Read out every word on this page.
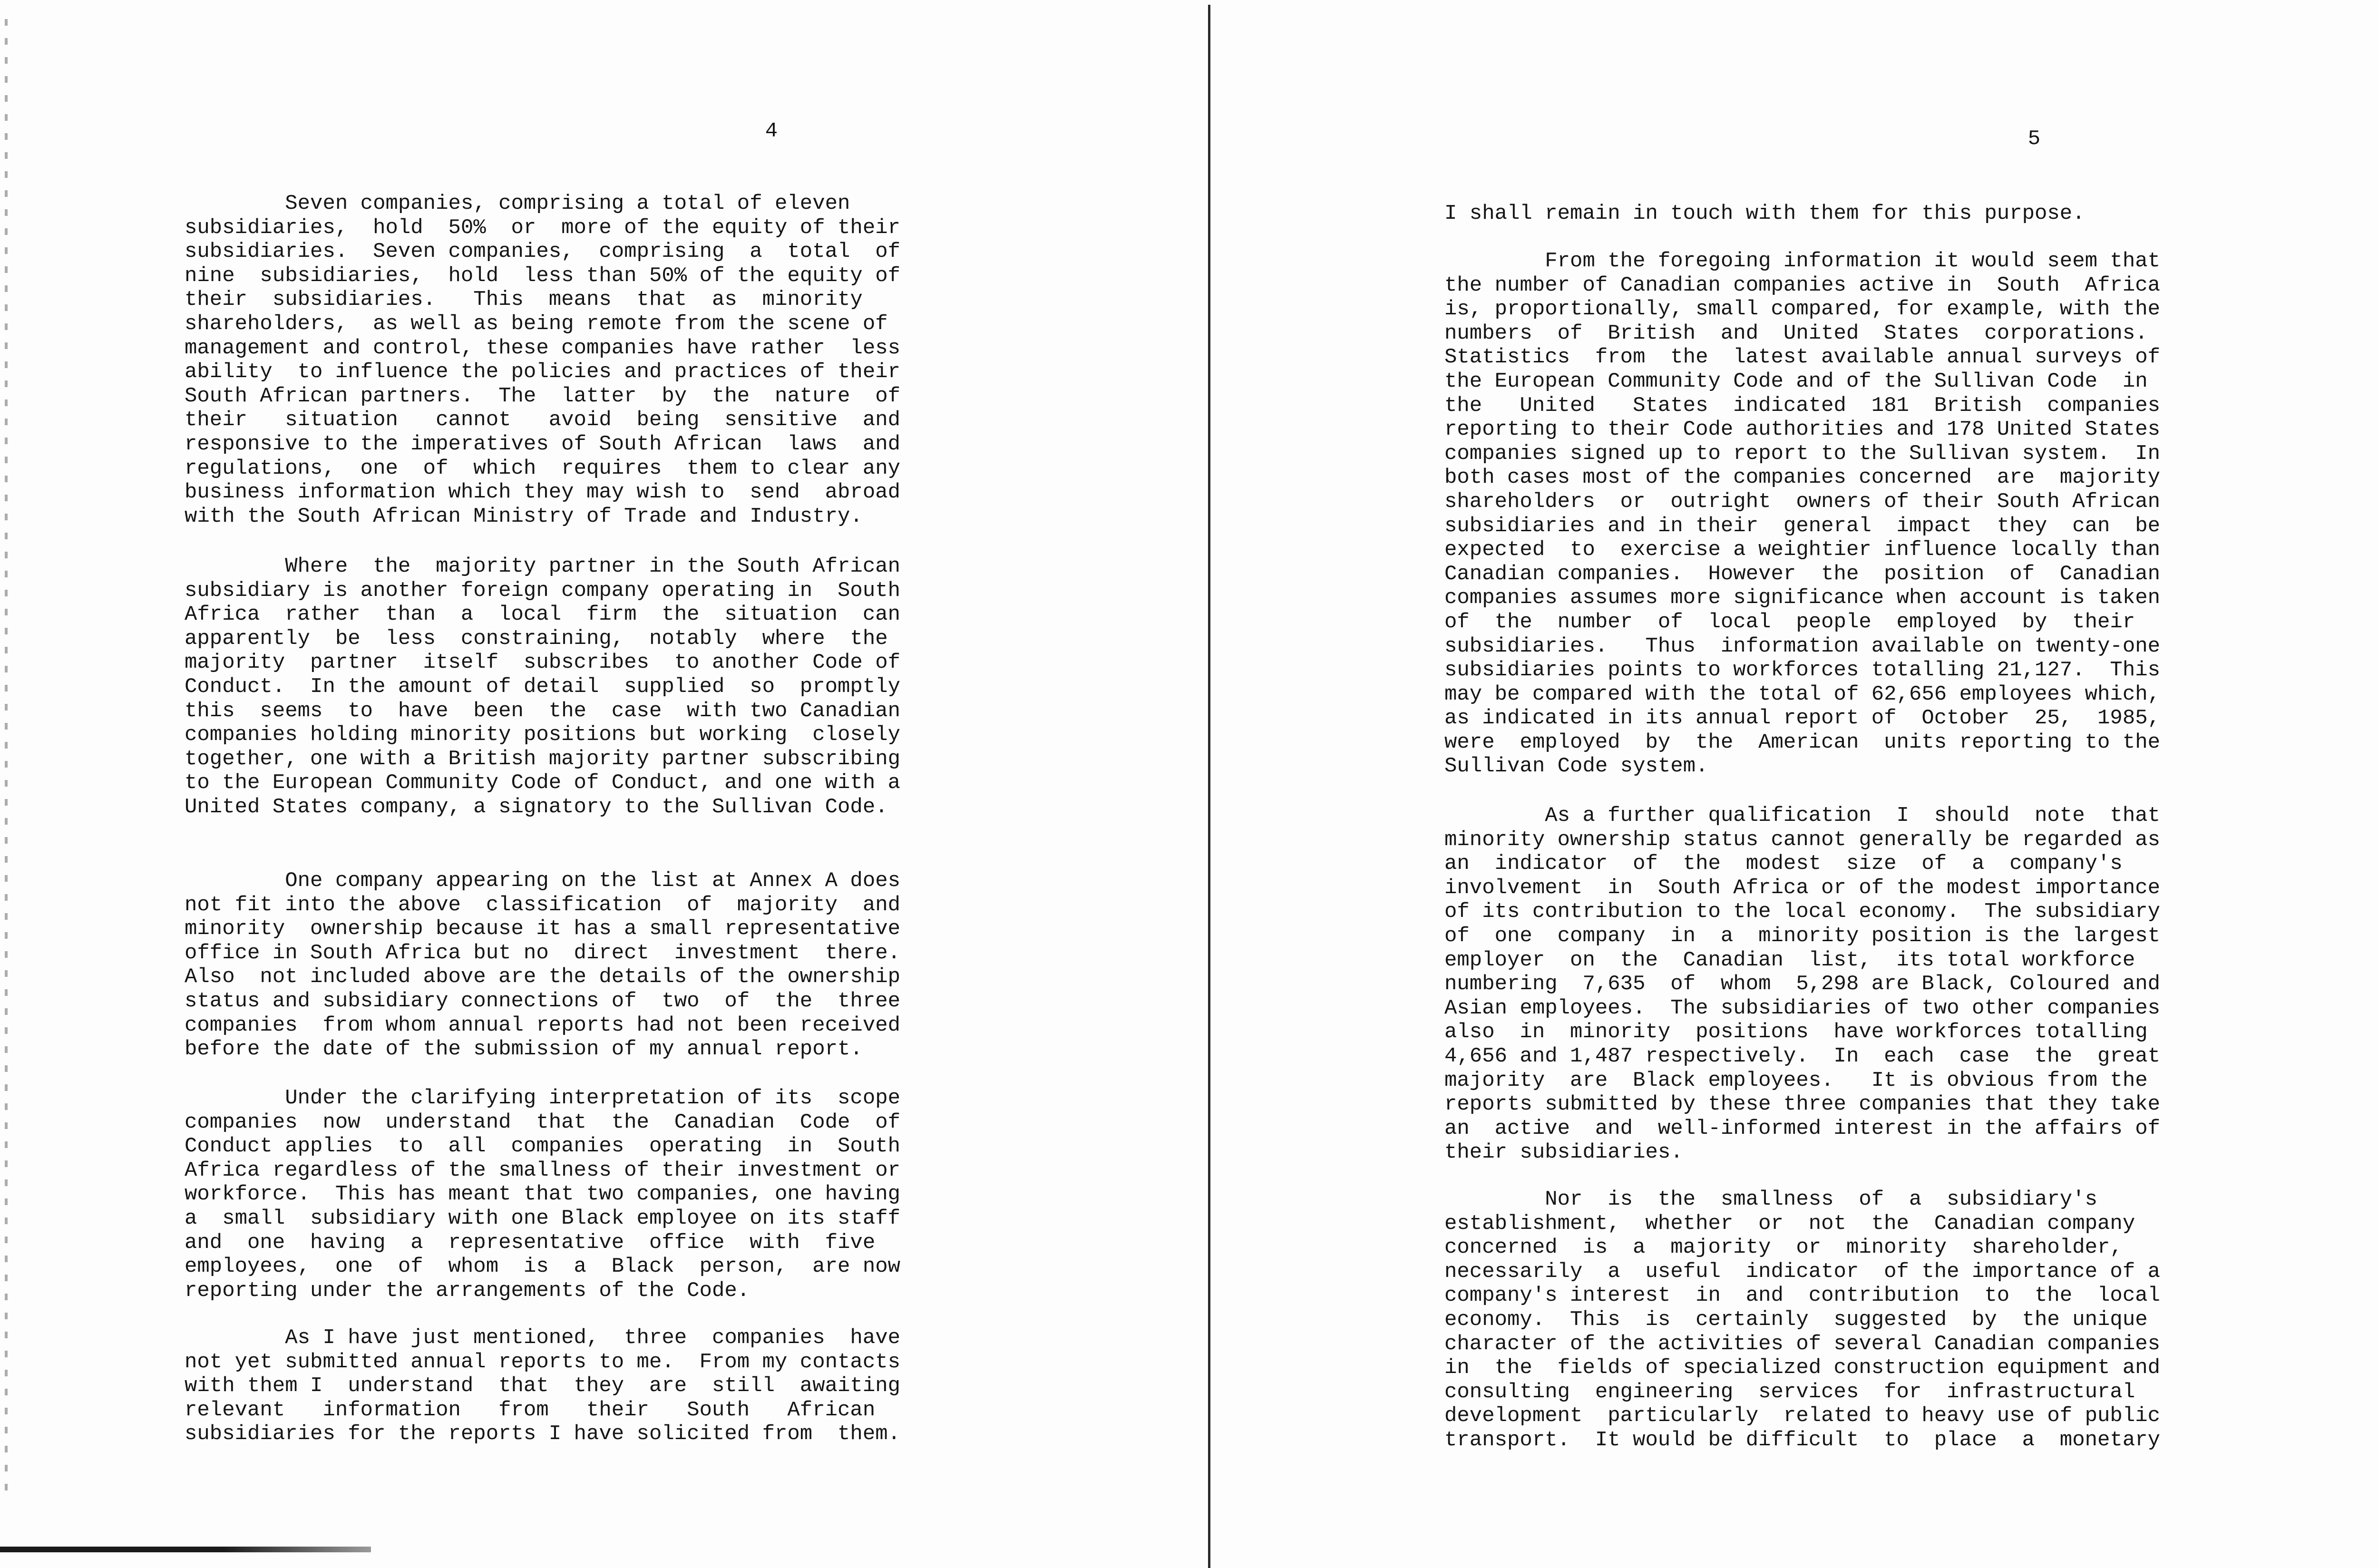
4
Seven companies, comprising a total of eleven
subsidiaries,  hold  50%  or  more of the equity of their
subsidiaries.  Seven companies,  comprising  a  total  of
nine  subsidiaries,  hold  less than 50% of the equity of
their  subsidiaries.   This  means  that  as  minority
shareholders,  as well as being remote from the scene of
management and control, these companies have rather  less
ability  to influence the policies and practices of their
South African partners.  The  latter  by  the  nature  of
their   situation   cannot   avoid  being  sensitive  and
responsive to the imperatives of South African  laws  and
regulations,  one  of  which  requires  them to clear any
business information which they may wish to  send  abroad
with the South African Ministry of Trade and Industry.
Where  the  majority partner in the South African
subsidiary is another foreign company operating in  South
Africa  rather  than  a  local  firm  the  situation  can
apparently  be  less  constraining,  notably  where  the
majority  partner  itself  subscribes  to another Code of
Conduct.  In the amount of detail  supplied  so  promptly
this  seems  to  have  been  the  case  with two Canadian
companies holding minority positions but working  closely
together, one with a British majority partner subscribing
to the European Community Code of Conduct, and one with a
United States company, a signatory to the Sullivan Code.
One company appearing on the list at Annex A does
not fit into the above  classification  of  majority  and
minority  ownership because it has a small representative
office in South Africa but no  direct  investment  there.
Also  not included above are the details of the ownership
status and subsidiary connections of  two  of  the  three
companies  from whom annual reports had not been received
before the date of the submission of my annual report.
Under the clarifying interpretation of its  scope
companies  now  understand  that  the  Canadian  Code  of
Conduct applies  to  all  companies  operating  in  South
Africa regardless of the smallness of their investment or
workforce.  This has meant that two companies, one having
a  small  subsidiary with one Black employee on its staff
and  one  having  a  representative  office  with  five
employees,  one  of  whom  is  a  Black  person,  are now
reporting under the arrangements of the Code.
As I have just mentioned,  three  companies  have
not yet submitted annual reports to me.  From my contacts
with them I  understand  that  they  are  still  awaiting
relevant   information   from   their   South   African
subsidiaries for the reports I have solicited from  them.
5
I shall remain in touch with them for this purpose.
From the foregoing information it would seem that
the number of Canadian companies active in  South  Africa
is, proportionally, small compared, for example, with the
numbers  of  British  and  United  States  corporations.
Statistics  from  the  latest available annual surveys of
the European Community Code and of the Sullivan Code  in
the   United   States  indicated  181  British  companies
reporting to their Code authorities and 178 United States
companies signed up to report to the Sullivan system.  In
both cases most of the companies concerned  are  majority
shareholders  or  outright  owners of their South African
subsidiaries and in their  general  impact  they  can  be
expected  to  exercise a weightier influence locally than
Canadian companies.  However  the  position  of  Canadian
companies assumes more significance when account is taken
of  the  number  of  local  people  employed  by  their
subsidiaries.   Thus  information available on twenty-one
subsidiaries points to workforces totalling 21,127.  This
may be compared with the total of 62,656 employees which,
as indicated in its annual report of  October  25,  1985,
were  employed  by  the  American  units reporting to the
Sullivan Code system.
As a further qualification  I  should  note  that
minority ownership status cannot generally be regarded as
an  indicator  of  the  modest  size  of  a  company's
involvement  in  South Africa or of the modest importance
of its contribution to the local economy.  The subsidiary
of  one  company  in  a  minority position is the largest
employer  on  the  Canadian  list,  its total workforce
numbering  7,635  of  whom  5,298 are Black, Coloured and
Asian employees.  The subsidiaries of two other companies
also  in  minority  positions  have workforces totalling
4,656 and 1,487 respectively.  In  each  case  the  great
majority  are  Black employees.   It is obvious from the
reports submitted by these three companies that they take
an  active  and  well-informed interest in the affairs of
their subsidiaries.
Nor  is  the  smallness  of  a  subsidiary's
establishment,  whether  or  not  the  Canadian company
concerned  is  a  majority  or  minority  shareholder,
necessarily  a  useful  indicator  of the importance of a
company's interest  in  and  contribution  to  the  local
economy.  This  is  certainly  suggested  by  the unique
character of the activities of several Canadian companies
in  the  fields of specialized construction equipment and
consulting  engineering  services  for  infrastructural
development  particularly  related to heavy use of public
transport.  It would be difficult  to  place  a  monetary
